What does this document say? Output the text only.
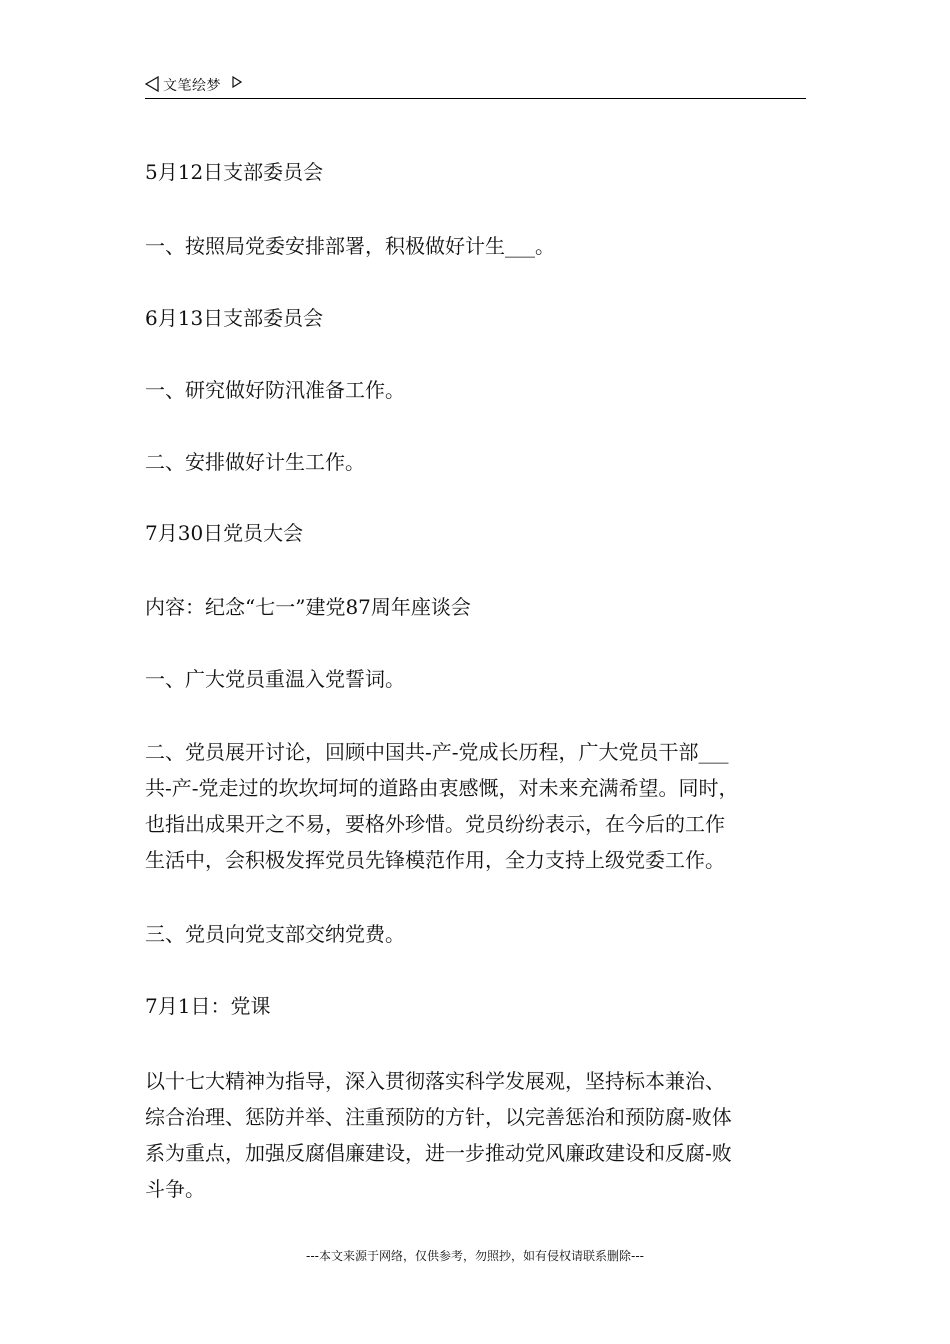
文笔绘梦

5月12日支部委员会

一、按照局党委安排部署，积极做好计生___。

6月13日支部委员会

一、研究做好防汛准备工作。

二、安排做好计生工作。

7月30日党员大会

内容：纪念“七一”建党87周年座谈会

一、广大党员重温入党誓词。

二、党员展开讨论，回顾中国共-产-党成长历程，广大党员干部___
共-产-党走过的坎坎坷坷的道路由衷感慨，对未来充满希望。同时，
也指出成果开之不易，要格外珍惜。党员纷纷表示，在今后的工作
生活中，会积极发挥党员先锋模范作用，全力支持上级党委工作。

三、党员向党支部交纳党费。

7月1日：党课

以十七大精神为指导，深入贯彻落实科学发展观，坚持标本兼治、
综合治理、惩防并举、注重预防的方针，以完善惩治和预防腐-败体
系为重点，加强反腐倡廉建设，进一步推动党风廉政建设和反腐-败
斗争。
---本文来源于网络，仅供参考，勿照抄，如有侵权请联系删除---
